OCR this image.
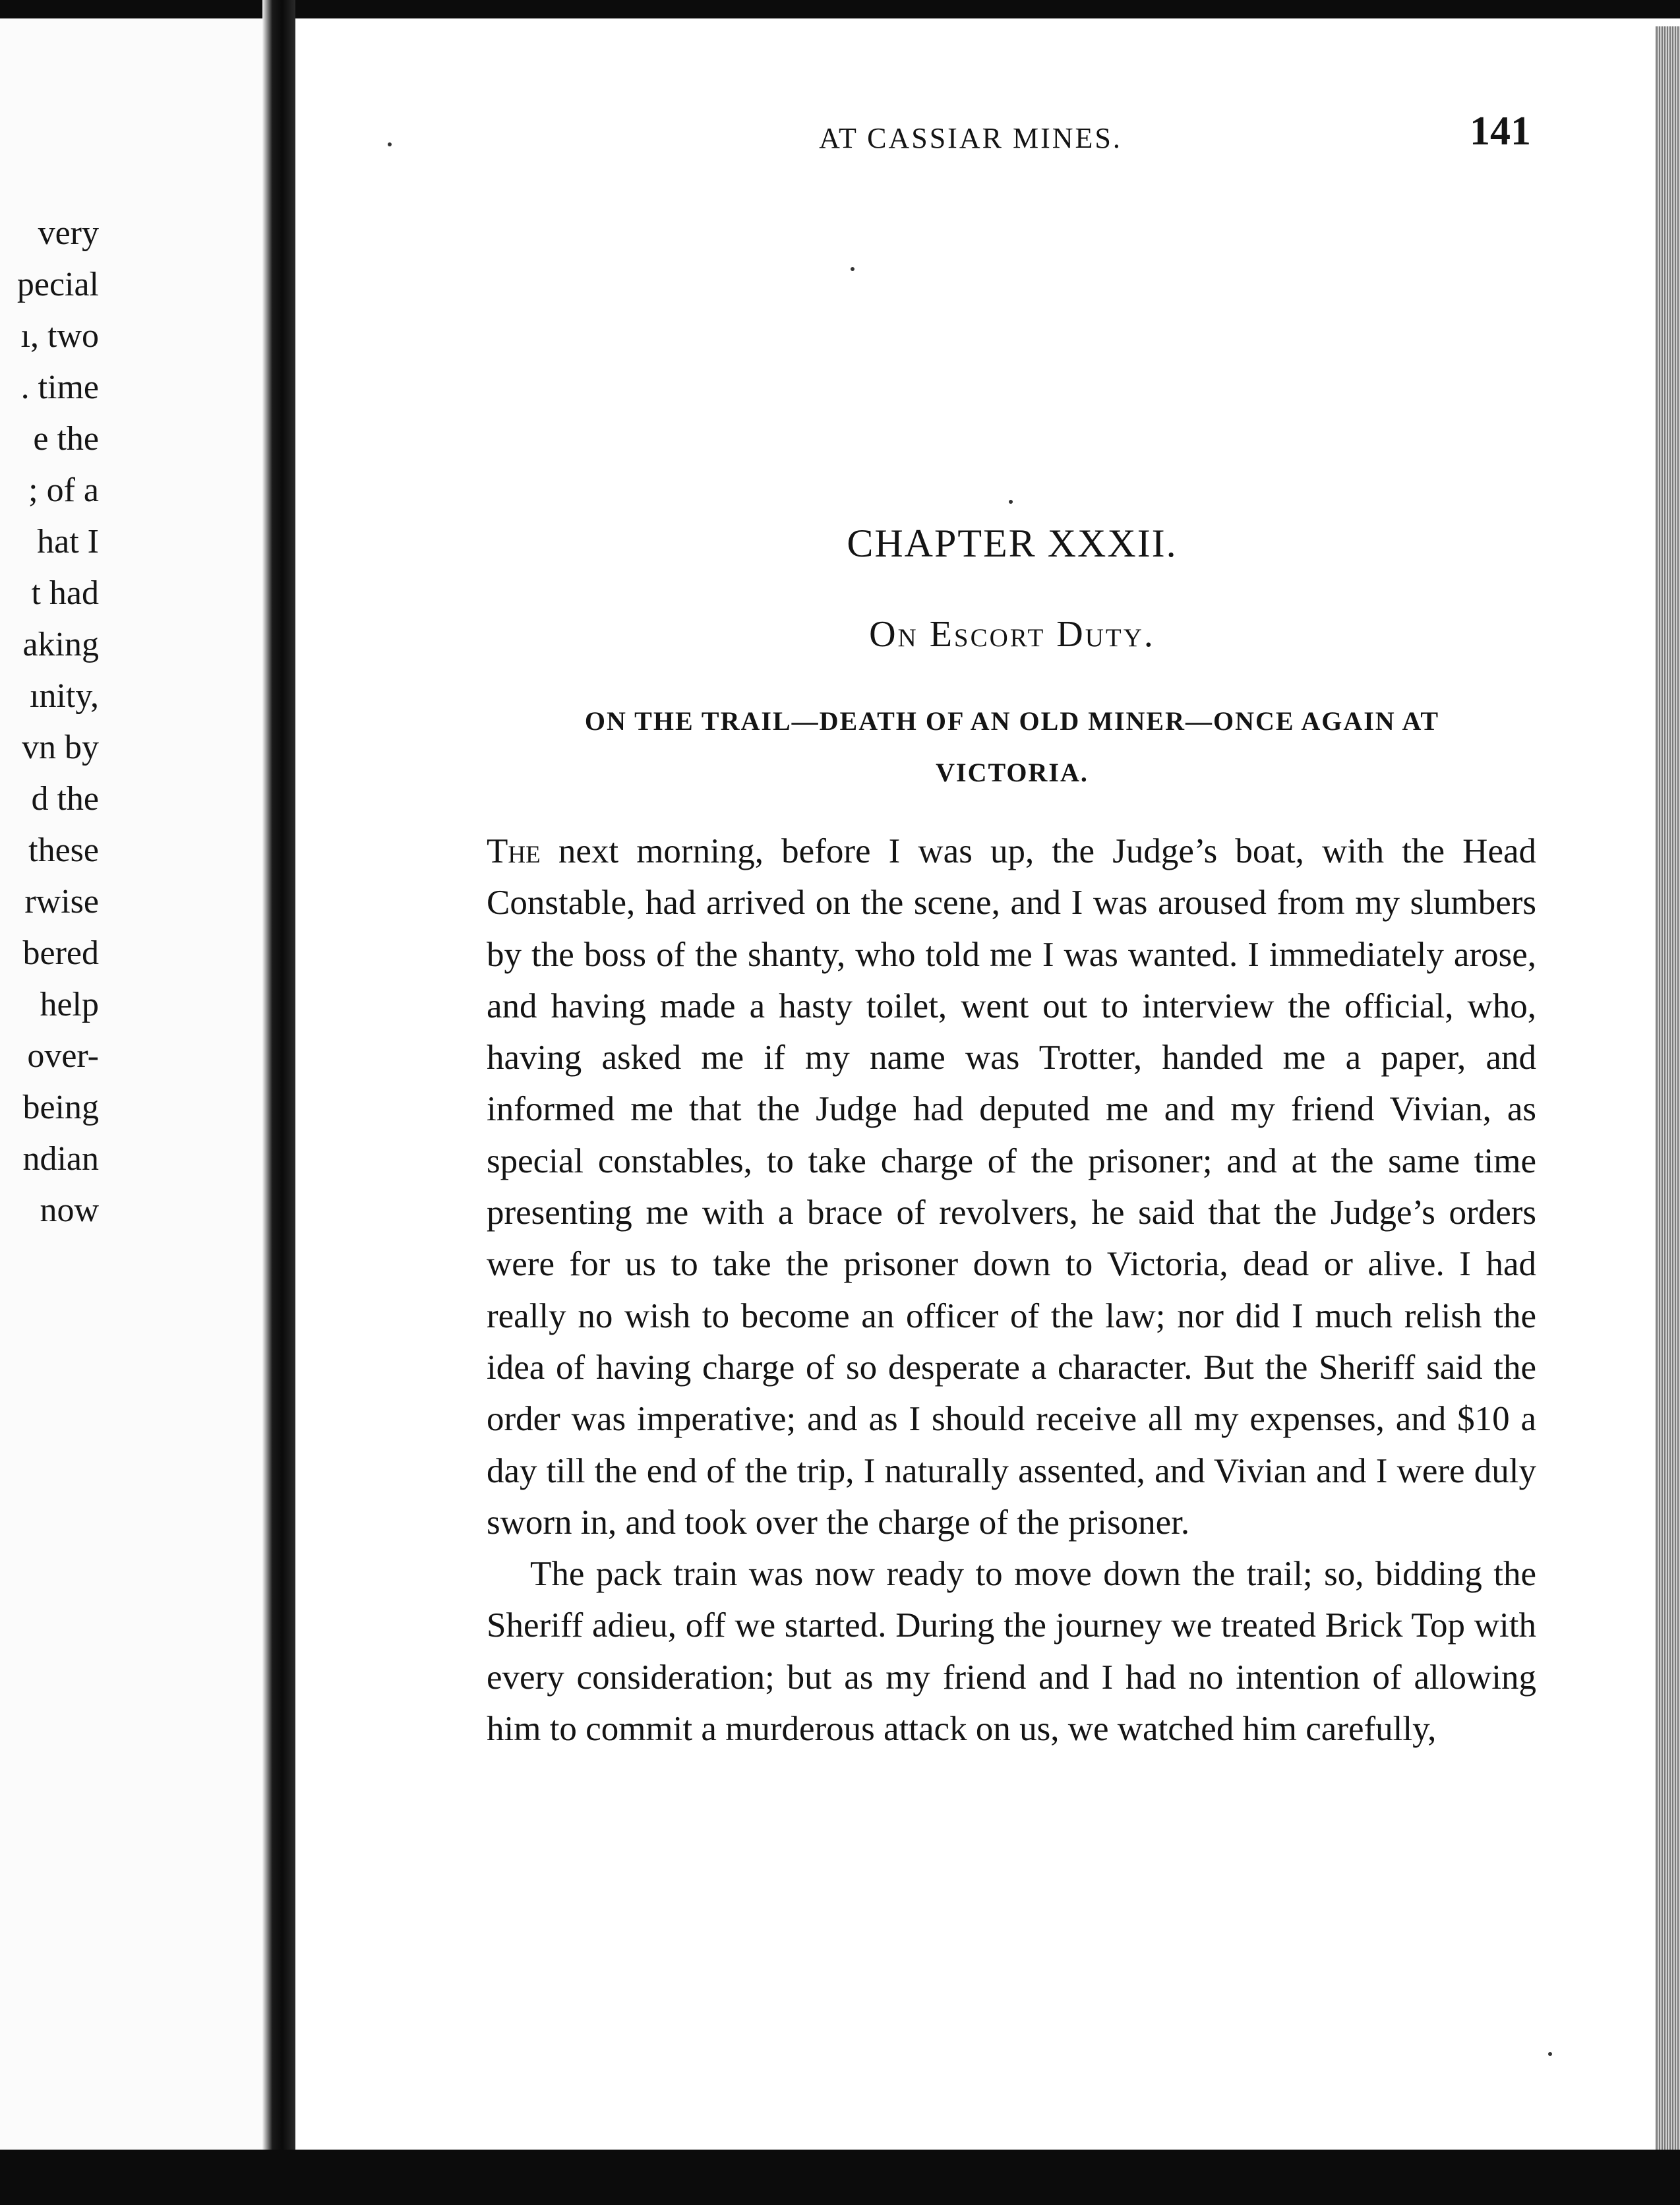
very
pecial
ı, two
. time
e the
; of a
hat I
t had
aking
ınity,
vn by
d the
these
rwise
bered
help
over-
being
ndian
now
AT CASSIAR MINES.	141
CHAPTER XXXII.
On Escort Duty.
ON THE TRAIL—DEATH OF AN OLD MINER—ONCE AGAIN AT
VICTORIA.

The next morning, before I was up, the Judge’s boat, with the Head Constable, had arrived on the scene, and I was aroused from my slumbers by the boss of the shanty, who told me I was wanted. I immediately arose, and having made a hasty toilet, went out to interview the official, who, having asked me if my name was Trotter, handed me a paper, and informed me that the Judge had deputed me and my friend Vivian, as special constables, to take charge of the prisoner; and at the same time presenting me with a brace of revolvers, he said that the Judge’s orders were for us to take the prisoner down to Victoria, dead or alive. I had really no wish to become an officer of the law; nor did I much relish the idea of having charge of so desperate a character. But the Sheriff said the order was imperative; and as I should receive all my expenses, and $10 a day till the end of the trip, I naturally assented, and Vivian and I were duly sworn in, and took over the charge of the prisoner.

The pack train was now ready to move down the trail; so, bidding the Sheriff adieu, off we started. During the journey we treated Brick Top with every consideration; but as my friend and I had no intention of allowing him to commit a murderous attack on us, we watched him carefully,
